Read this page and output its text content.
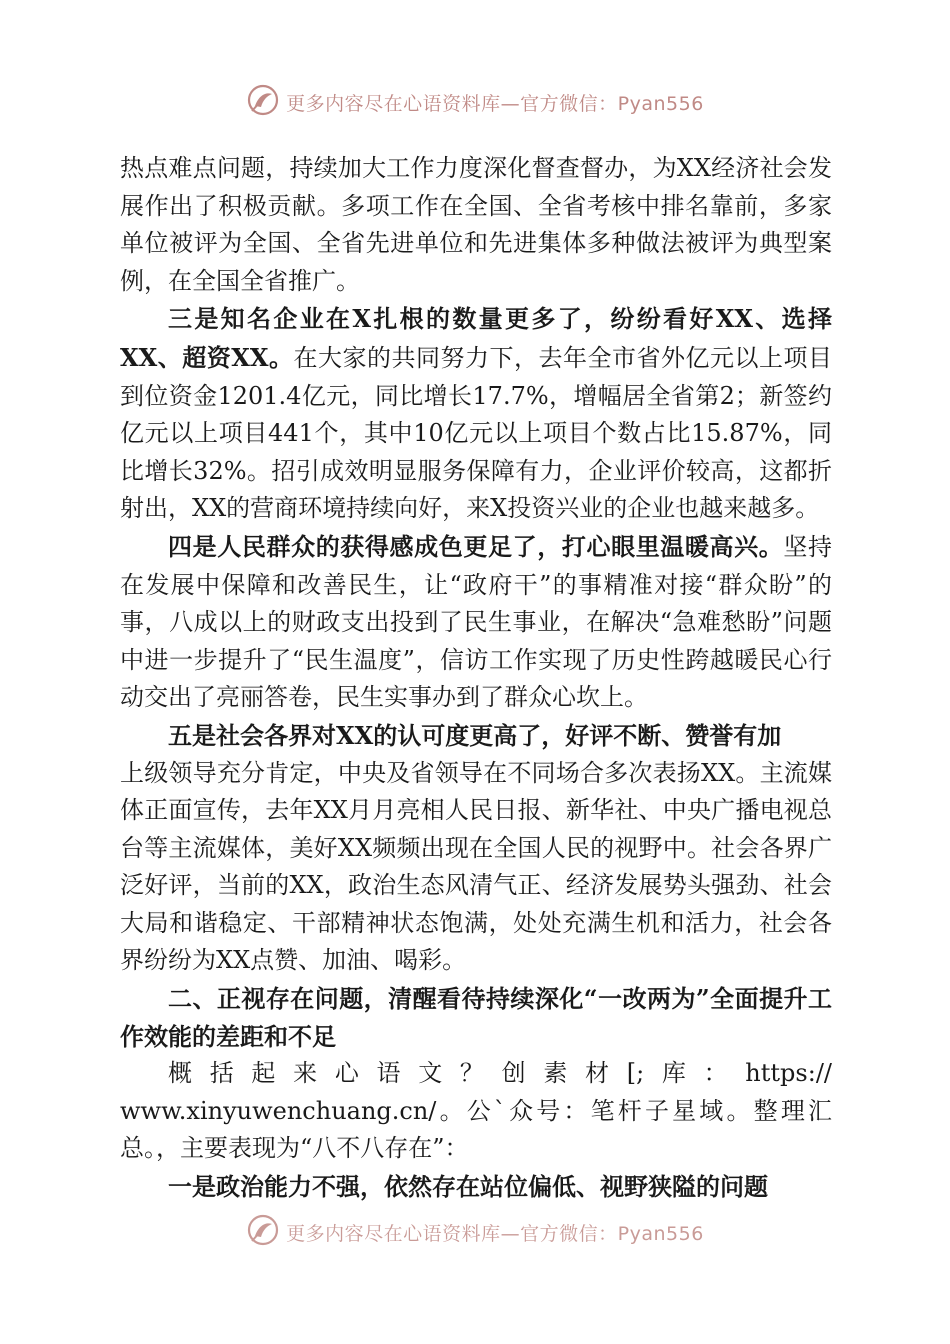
更多内容尽在心语资料库—官方微信：Pyan556

热点难点问题，持续加大工作力度深化督查督办，为XX经济社会发展作出了积极贡献。多项工作在全国、全省考核中排名靠前，多家单位被评为全国、全省先进单位和先进集体多种做法被评为典型案例，在全国全省推广。

三是知名企业在X扎根的数量更多了，纷纷看好XX、选择XX、超资XX。在大家的共同努力下，去年全市省外亿元以上项目到位资金1201.4亿元，同比增长17.7%，增幅居全省第2；新签约亿元以上项目441个，其中10亿元以上项目个数占比15.87%，同比增长32%。招引成效明显服务保障有力，企业评价较高，这都折射出，XX的营商环境持续向好，来X投资兴业的企业也越来越多。

四是人民群众的获得感成色更足了，打心眼里温暖高兴。坚持在发展中保障和改善民生，让“政府干”的事精准对接“群众盼”的事，八成以上的财政支出投到了民生事业，在解决“急难愁盼”问题中进一步提升了“民生温度”，信访工作实现了历史性跨越暖民心行动交出了亮丽答卷，民生实事办到了群众心坎上。

五是社会各界对XX的认可度更高了，好评不断、赞誉有加

上级领导充分肯定，中央及省领导在不同场合多次表扬XX。主流媒体正面宣传，去年XX月月亮相人民日报、新华社、中央广播电视总台等主流媒体，美好XX频频出现在全国人民的视野中。社会各界广泛好评，当前的XX，政治生态风清气正、经济发展势头强劲、社会大局和谐稳定、干部精神状态饱满，处处充满生机和活力，社会各界纷纷为XX点赞、加油、喝彩。

二、正视存在问题，清醒看待持续深化“一改两为”全面提升工作效能的差距和不足

概括起来心语文？创素材[;库：https://

www.xinyuwenchuang.cn/。公`众号：笔杆子星域。整理汇总。，主要表现为“八不八存在”：

一是政治能力不强，依然存在站位偏低、视野狭隘的问题

更多内容尽在心语资料库—官方微信：Pyan556
